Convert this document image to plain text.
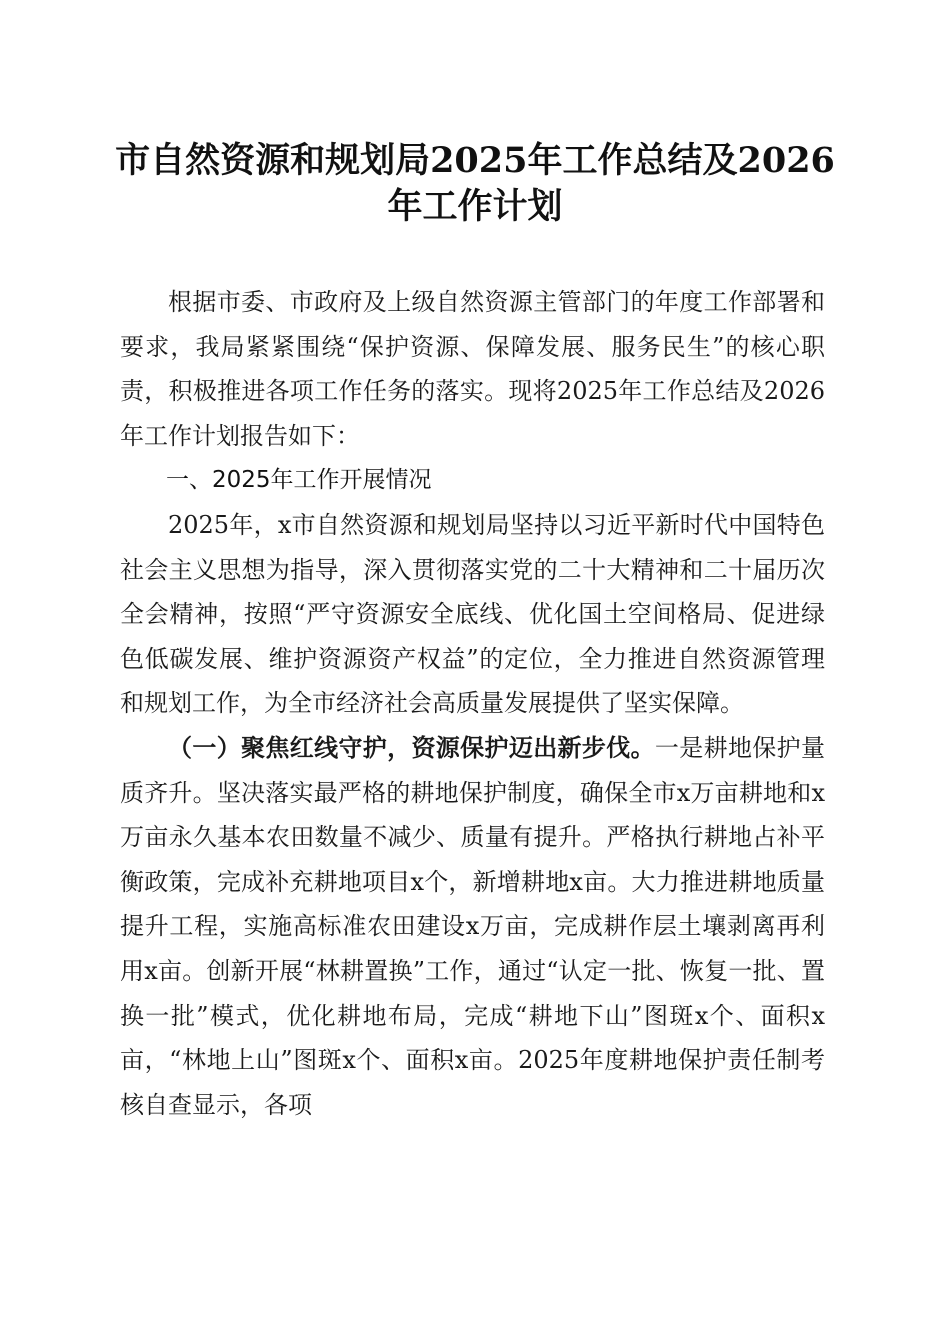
市自然资源和规划局2025年工作总结及2026年工作计划

根据市委、市政府及上级自然资源主管部门的年度工作部署和要求，我局紧紧围绕“保护资源、保障发展、服务民生”的核心职责，积极推进各项工作任务的落实。现将2025年工作总结及2026年工作计划报告如下：

一、2025年工作开展情况

2025年，x市自然资源和规划局坚持以习近平新时代中国特色社会主义思想为指导，深入贯彻落实党的二十大精神和二十届历次全会精神，按照“严守资源安全底线、优化国土空间格局、促进绿色低碳发展、维护资源资产权益”的定位，全力推进自然资源管理和规划工作，为全市经济社会高质量发展提供了坚实保障。

（一）聚焦红线守护，资源保护迈出新步伐。一是耕地保护量质齐升。坚决落实最严格的耕地保护制度，确保全市x万亩耕地和x万亩永久基本农田数量不减少、质量有提升。严格执行耕地占补平衡政策，完成补充耕地项目x个，新增耕地x亩。大力推进耕地质量提升工程，实施高标准农田建设x万亩，完成耕作层土壤剥离再利用x亩。创新开展“林耕置换”工作，通过“认定一批、恢复一批、置换一批”模式，优化耕地布局，完成“耕地下山”图斑x个、面积x亩，“林地上山”图斑x个、面积x亩。2025年度耕地保护责任制考核自查显示，各项
